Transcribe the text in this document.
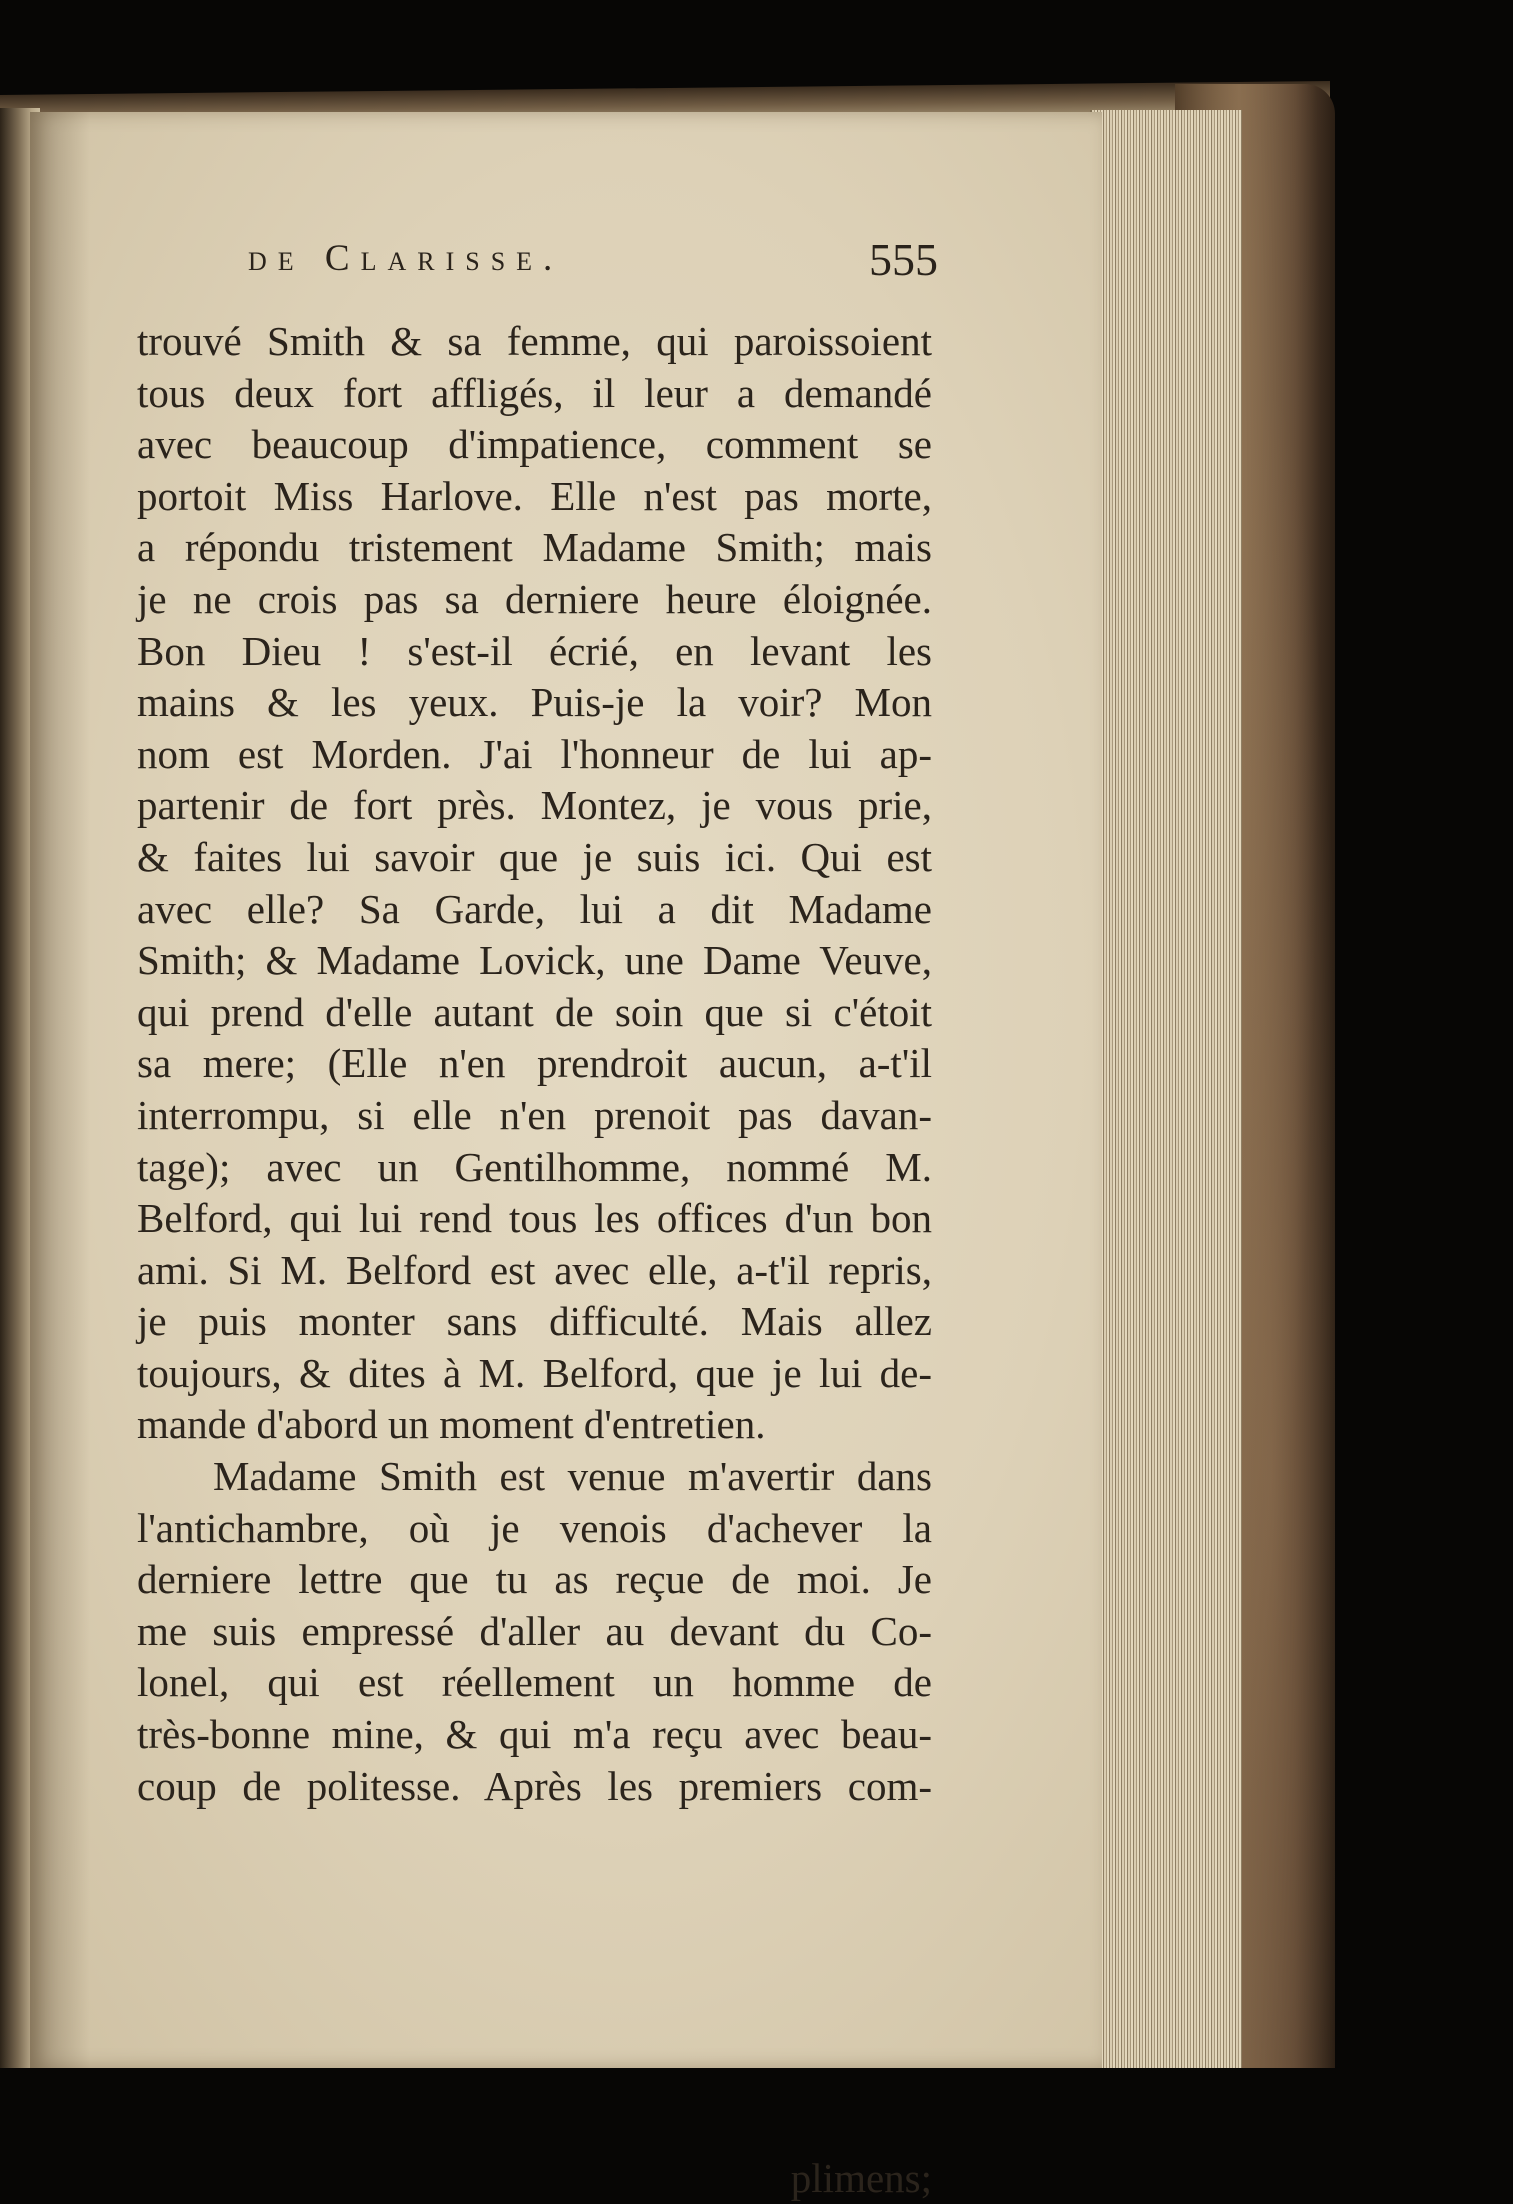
de Clarisse.	555
trouvé Smith & sa femme, qui paroissoient
tous deux fort affligés, il leur a demandé
avec beaucoup d'impatience, comment se
portoit Miss Harlove. Elle n'est pas morte,
a répondu tristement Madame Smith; mais
je ne crois pas sa derniere heure éloignée.
Bon Dieu ! s'est-il écrié, en levant les
mains & les yeux. Puis-je la voir? Mon
nom est Morden. J'ai l'honneur de lui ap-
partenir de fort près. Montez, je vous prie,
& faites lui savoir que je suis ici. Qui est
avec elle? Sa Garde, lui a dit Madame
Smith; & Madame Lovick, une Dame Veuve,
qui prend d'elle autant de soin que si c'étoit
sa mere; (Elle n'en prendroit aucun, a-t'il
interrompu, si elle n'en prenoit pas davan-
tage); avec un Gentilhomme, nommé M.
Belford, qui lui rend tous les offices d'un bon
ami. Si M. Belford est avec elle, a-t'il repris,
je puis monter sans difficulté. Mais allez
toujours, & dites à M. Belford, que je lui de-
mande d'abord un moment d'entretien.
Madame Smith est venue m'avertir dans
l'antichambre, où je venois d'achever la
derniere lettre que tu as reçue de moi. Je
me suis empressé d'aller au devant du Co-
lonel, qui est réellement un homme de
très-bonne mine, & qui m'a reçu avec beau-
coup de politesse. Après les premiers com-
plimens;
